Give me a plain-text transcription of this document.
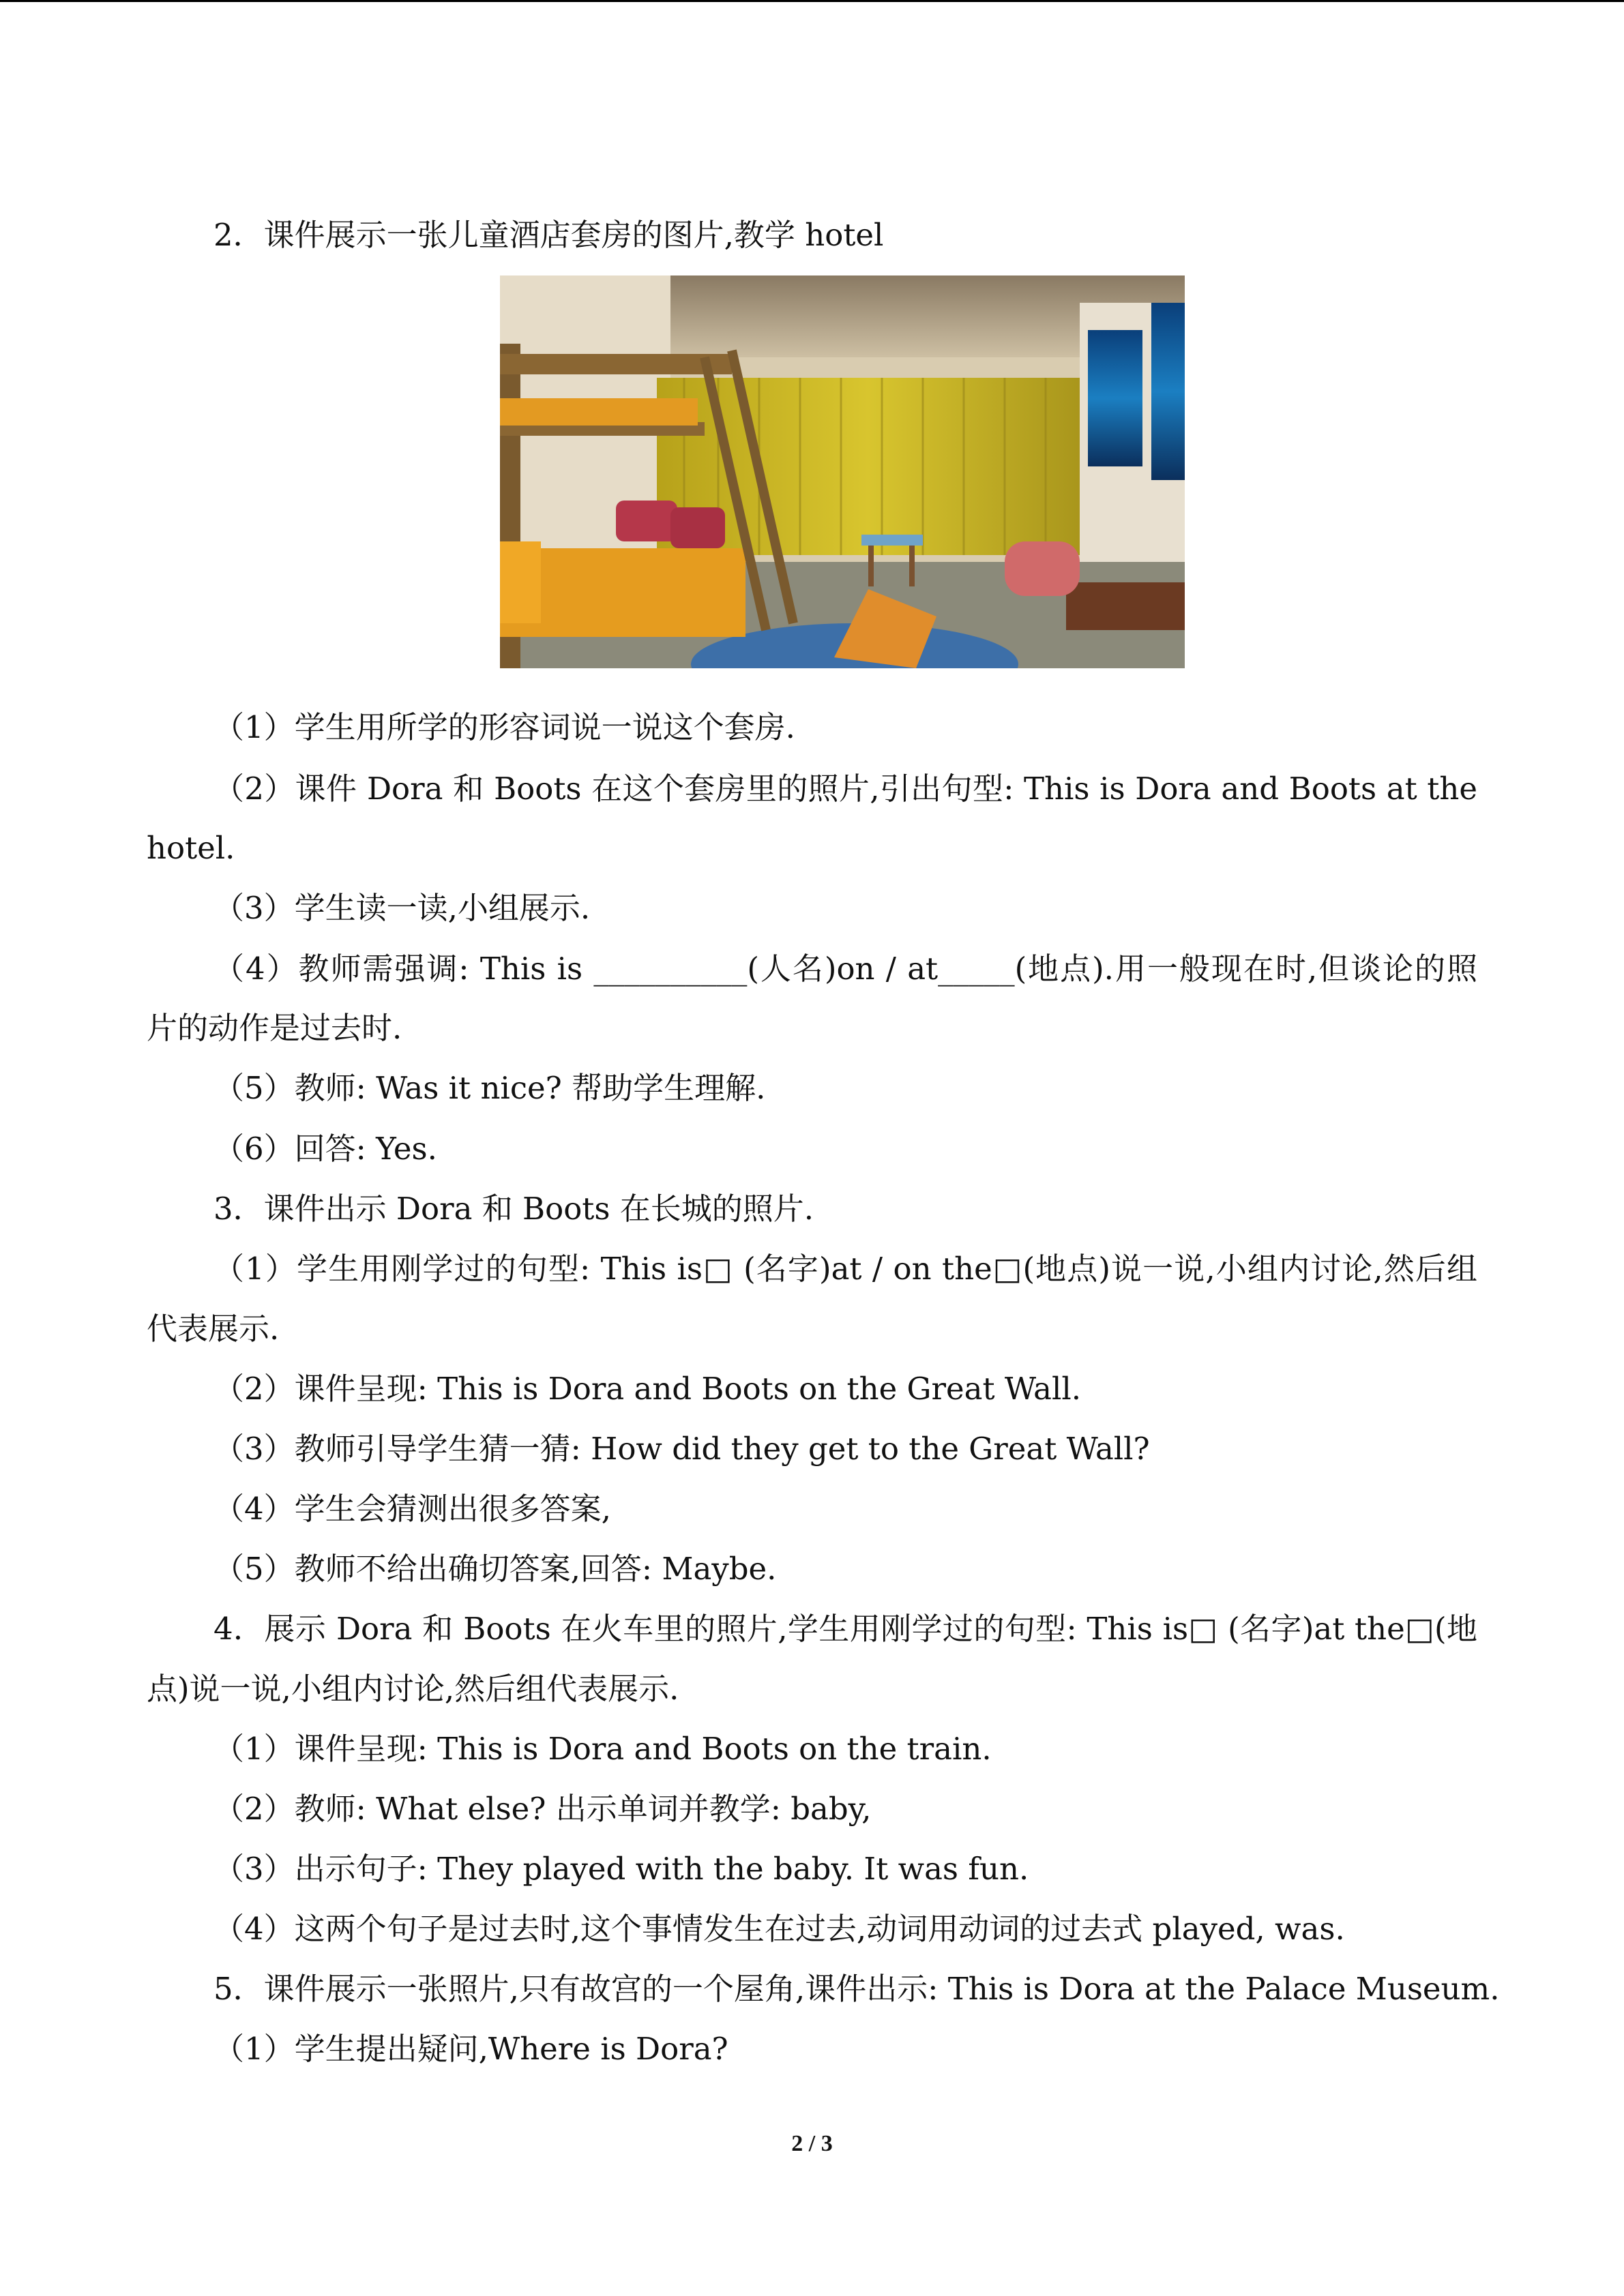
2．课件展示一张儿童酒店套房的图片,教学 hotel
（1）学生用所学的形容词说一说这个套房.
（2）课件 Dora 和 Boots 在这个套房里的照片,引出句型: This is Dora and Boots at the
hotel.
（3）学生读一读,小组展示.
（4）教师需强调: This is __________(人名)on / at_____(地点).用一般现在时,但谈论的照
片的动作是过去时.
（5）教师: Was it nice? 帮助学生理解.
（6）回答: Yes.
3．课件出示 Dora 和 Boots 在长城的照片.
（1）学生用刚学过的句型: This is□ (名字)at / on the□(地点)说一说,小组内讨论,然后组
代表展示.
（2）课件呈现: This is Dora and Boots on the Great Wall.
（3）教师引导学生猜一猜: How did they get to the Great Wall?
（4）学生会猜测出很多答案,
（5）教师不给出确切答案,回答: Maybe.
4．展示 Dora 和 Boots 在火车里的照片,学生用刚学过的句型: This is□ (名字)at the□(地
点)说一说,小组内讨论,然后组代表展示.
（1）课件呈现: This is Dora and Boots on the train.
（2）教师: What else? 出示单词并教学: baby,
（3）出示句子: They played with the baby. It was fun.
（4）这两个句子是过去时,这个事情发生在过去,动词用动词的过去式 played, was.
5．课件展示一张照片,只有故宫的一个屋角,课件出示: This is Dora at the Palace Museum.
（1）学生提出疑问,Where is Dora?
2 / 3
